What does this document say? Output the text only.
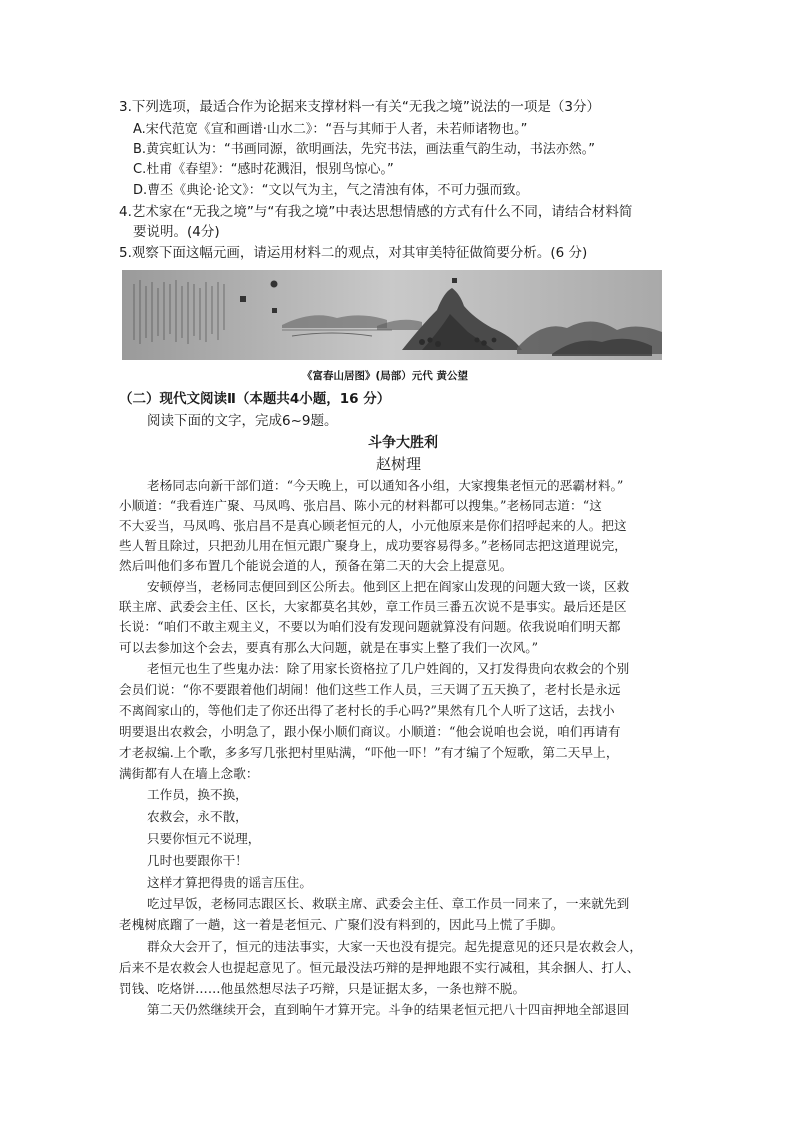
3.下列选项，最适合作为论据来支撑材料一有关“无我之境”说法的一项是（3分）
A.宋代范宽《宣和画谱·山水二》：“吾与其师于人者，未若师诸物也。”
B.黄宾虹认为：“书画同源，欲明画法，先究书法，画法重气韵生动，书法亦然。”
C.杜甫《春望》：“感时花溅泪，恨别鸟惊心。”
D.曹丕《典论·论文》：“文以气为主，气之清浊有体，不可力强而致。
4.艺术家在“无我之境”与“有我之境”中表达思想情感的方式有什么不同，请结合材料简
要说明。(4分)
5.观察下面这幅元画，请运用材料二的观点，对其审美特征做简要分析。(6 分)
《富春山居图》(局部）元代 黄公望
（二）现代文阅读Ⅱ（本题共4小题，16 分）
阅读下面的文字，完成6~9题。
斗争大胜利
赵树理
老杨同志向新干部们道：“今天晚上，可以通知各小组，大家搜集老恒元的恶霸材料。”
小顺道：“我看连广聚、马凤鸣、张启昌、陈小元的材料都可以搜集。”老杨同志道：“这
不大妥当，马凤鸣、张启昌不是真心顾老恒元的人，小元他原来是你们招呼起来的人。把这
些人暂且除过，只把劲儿用在恒元跟广聚身上，成功要容易得多。”老杨同志把这道理说完，
然后叫他们多布置几个能说会道的人，预备在第二天的大会上提意见。
安顿停当，老杨同志便回到区公所去。他到区上把在阎家山发现的问题大致一谈，区救
联主席、武委会主任、区长，大家都莫名其妙，章工作员三番五次说不是事实。最后还是区
长说：“咱们不敢主观主义，不要以为咱们没有发现问题就算没有问题。依我说咱们明天都
可以去参加这个会去，要真有那么大问题，就是在事实上整了我们一次风。”
老恒元也生了些鬼办法：除了用家长资格拉了几户姓阎的，又打发得贵向农救会的个别
会员们说：“你不要跟着他们胡闹！他们这些工作人员，三天调了五天换了，老村长是永远
不离阎家山的，等他们走了你还出得了老村长的手心吗?”果然有几个人听了这话，去找小
明要退出农救会，小明急了，跟小保小顺们商议。小顺道：“他会说咱也会说，咱们再请有
才老叔编.上个歌，多多写几张把村里贴满，“吓他一吓！”有才编了个短歌，第二天早上，
满街都有人在墙上念歌：
工作员，换不换，
农救会，永不散，
只要你恒元不说理，
几时也要跟你干！
这样才算把得贵的谣言压住。
吃过早饭，老杨同志跟区长、救联主席、武委会主任、章工作员一同来了，一来就先到
老槐树底蹓了一趟，这一着是老恒元、广聚们没有料到的，因此马上慌了手脚。
群众大会开了，恒元的违法事实，大家一天也没有提完。起先提意见的还只是农救会人，
后来不是农救会人也提起意见了。恒元最没法巧辩的是押地跟不实行减租，其余捆人、打人、
罚钱、吃烙饼……他虽然想尽法子巧辩，只是证据太多，一条也辩不脱。
第二天仍然继续开会，直到晌午才算开完。斗争的结果老恒元把八十四亩押地全部退回
